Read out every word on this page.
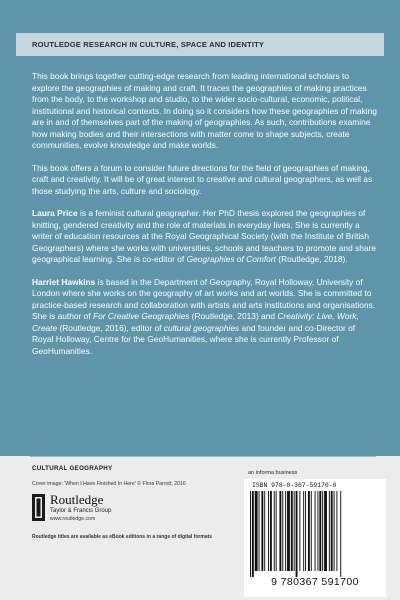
ROUTLEDGE RESEARCH IN CULTURE, SPACE AND IDENTITY

This book brings together cutting-edge research from leading international scholars to explore the geographies of making and craft. It traces the geographies of making practices from the body, to the workshop and studio, to the wider socio-cultural, economic, political, institutional and historical contexts. In doing so it considers how these geographies of making are in and of themselves part of the making of geographies. As such, contributions examine how making bodies and their intersections with matter come to shape subjects, create communities, evolve knowledge and make worlds.

This book offers a forum to consider future directions for the field of geographies of making, craft and creativity. It will be of great interest to creative and cultural geographers, as well as those studying the arts, culture and sociology.

Laura Price is a feminist cultural geographer. Her PhD thesis explored the geographies of knitting, gendered creativity and the role of materials in everyday lives. She is currently a writer of education resources at the Royal Geographical Society (with the Institute of British Geographers) where she works with universities, schools and teachers to promote and share geographical learning. She is co-editor of Geographies of Comfort (Routledge, 2018).

Harriet Hawkins is based in the Department of Geography, Royal Holloway, University of London where she works on the geography of art works and art worlds. She is committed to practice-based research and collaboration with artists and arts institutions and organisations. She is author of For Creative Geographies (Routledge, 2013) and Creativity: Live, Work, Create (Routledge, 2016), editor of cultural geographies and founder and co-Director of Royal Holloway, Centre for the GeoHumanities, where she is currently Professor of GeoHumanities.

CULTURAL GEOGRAPHY
Cover image: 'When I Have Finished In Here' © Flora Parrott, 2016
Routledge
Taylor & Francis Group
www.routledge.com
Routledge titles are available as eBook editions in a range of digital formats
an informa business
ISBN 978-0-367-59170-0
9 780367 591700
